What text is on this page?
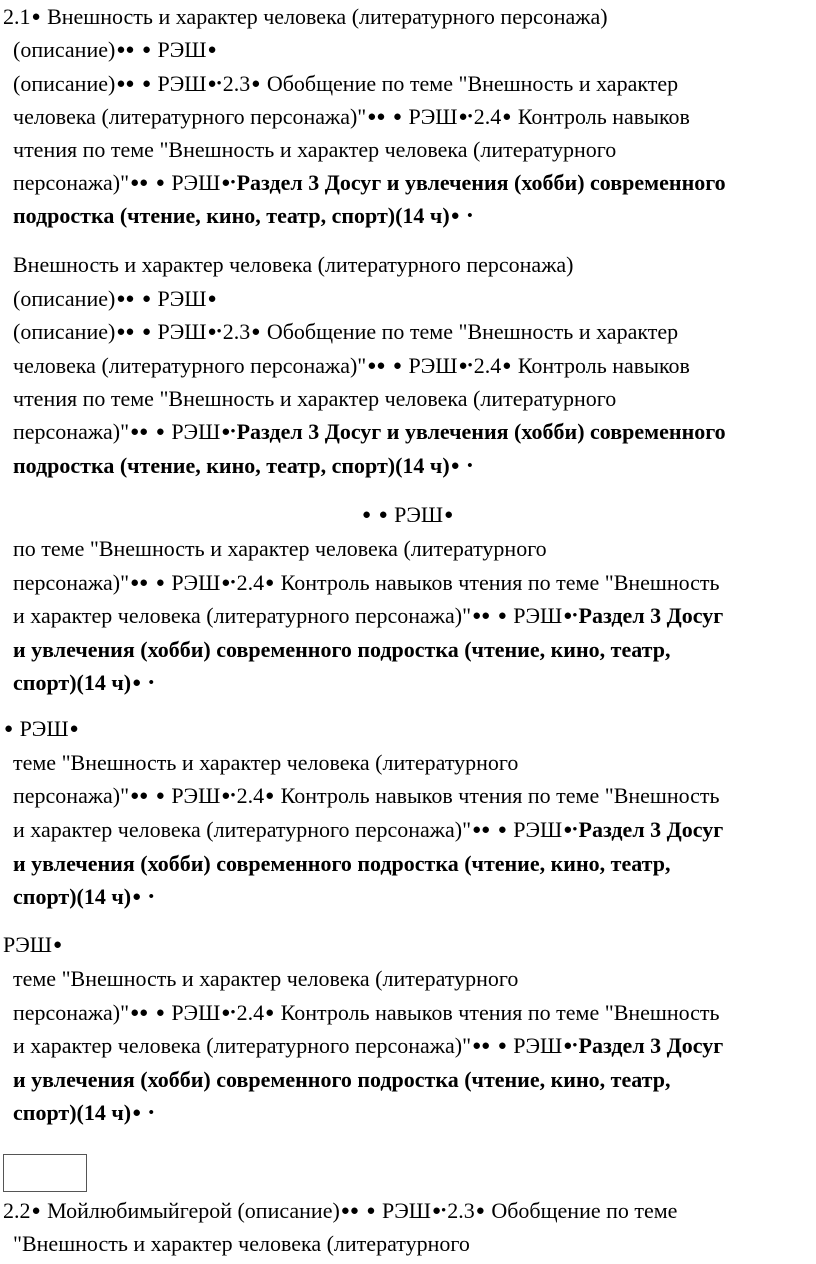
2.1● Внешность и характер человека (литературного персонажа)
(описание)●● ● РЭШ●
(описание)●● ● РЭШ●•2.3● Обобщение по теме "Внешность и характер
человека (литературного персонажа)"●● ● РЭШ●•2.4● Контроль навыков
чтения по теме "Внешность и характер человека (литературного
персонажа)"●● ● РЭШ●•Раздел 3 Досуг и увлечения (хобби) современного
подростка (чтение, кино, театр, спорт)(14 ч)● •
Внешность и характер человека (литературного персонажа)
(описание)●● ● РЭШ●
(описание)●● ● РЭШ●•2.3● Обобщение по теме "Внешность и характер
человека (литературного персонажа)"●● ● РЭШ●•2.4● Контроль навыков
чтения по теме "Внешность и характер человека (литературного
персонажа)"●● ● РЭШ●•Раздел 3 Досуг и увлечения (хобби) современного
подростка (чтение, кино, театр, спорт)(14 ч)● •
● ● РЭШ●
по теме "Внешность и характер человека (литературного
персонажа)"●● ● РЭШ●•2.4● Контроль навыков чтения по теме "Внешность
и характер человека (литературного персонажа)"●● ● РЭШ●•Раздел 3 Досуг
и увлечения (хобби) современного подростка (чтение, кино, театр,
спорт)(14 ч)● •
● РЭШ●
теме "Внешность и характер человека (литературного
персонажа)"●● ● РЭШ●•2.4● Контроль навыков чтения по теме "Внешность
и характер человека (литературного персонажа)"●● ● РЭШ●•Раздел 3 Досуг
и увлечения (хобби) современного подростка (чтение, кино, театр,
спорт)(14 ч)● •
РЭШ●
теме "Внешность и характер человека (литературного
персонажа)"●● ● РЭШ●•2.4● Контроль навыков чтения по теме "Внешность
и характер человека (литературного персонажа)"●● ● РЭШ●•Раздел 3 Досуг
и увлечения (хобби) современного подростка (чтение, кино, театр,
спорт)(14 ч)● •
2.2● Мойлюбимыйгерой (описание)●● ● РЭШ●•2.3● Обобщение по теме
"Внешность и характер человека (литературного
